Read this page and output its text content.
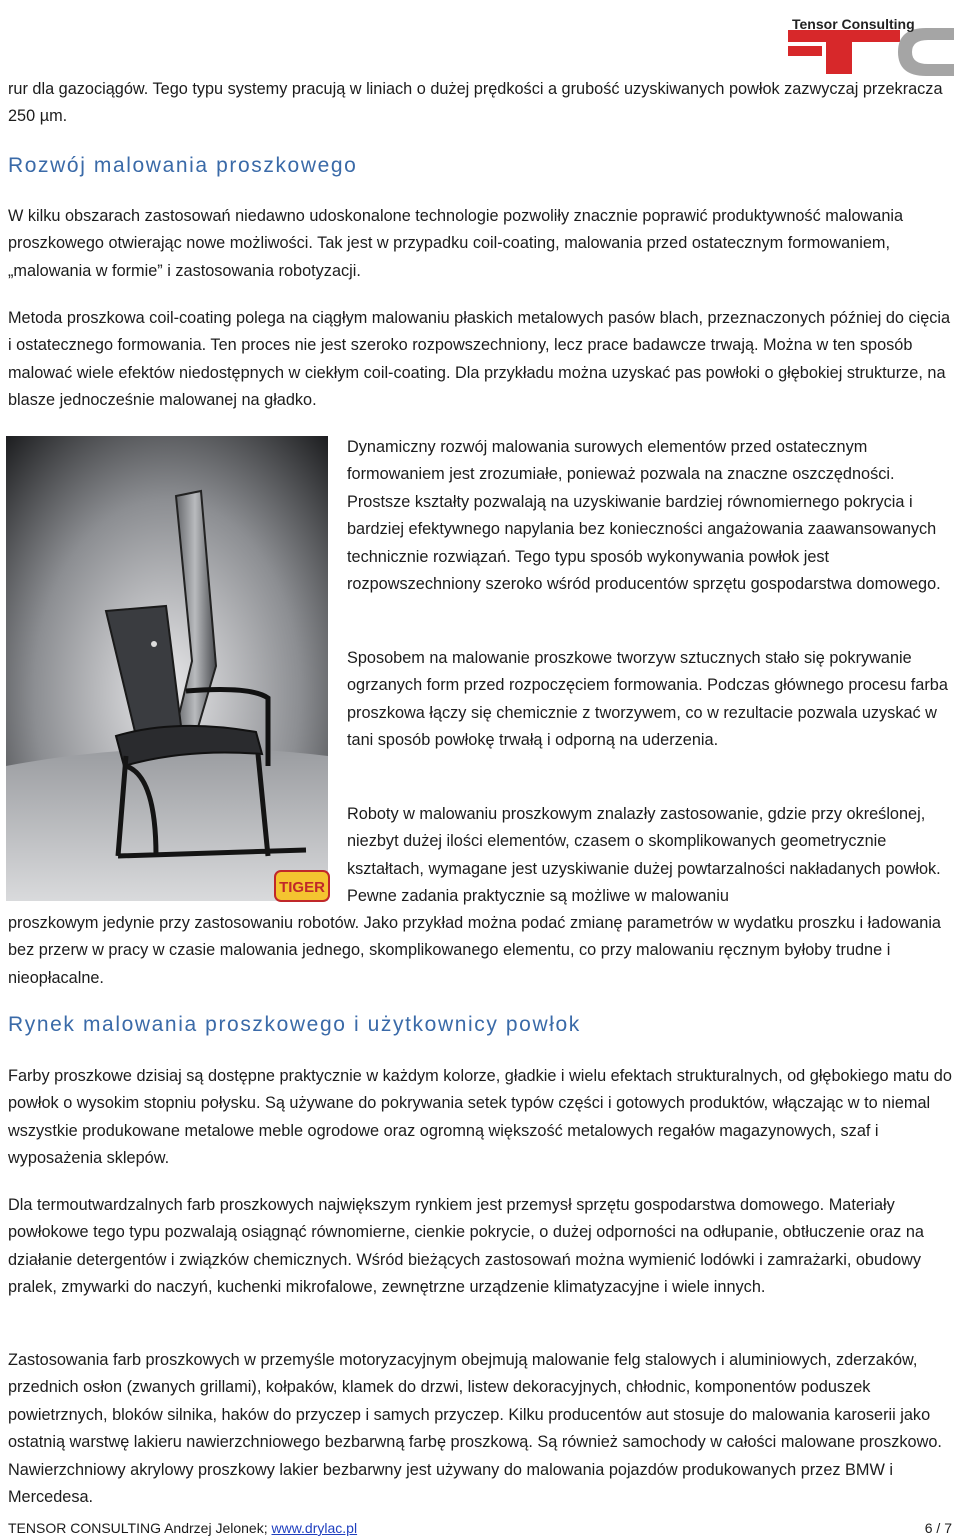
Tensor Consulting

rur dla gazociągów. Tego typu systemy pracują w liniach o dużej prędkości a grubość uzyskiwanych powłok zazwyczaj przekracza 250 µm.

Rozwój malowania proszkowego

W kilku obszarach zastosowań niedawno udoskonalone technologie pozwoliły znacznie poprawić produktywność malowania proszkowego otwierając nowe możliwości. Tak jest w przypadku coil-coating, malowania przed ostatecznym formowaniem, „malowania w formie” i zastosowania robotyzacji.

Metoda proszkowa coil-coating polega na ciągłym malowaniu płaskich metalowych pasów blach, przeznaczonych później do cięcia i ostatecznego formowania. Ten proces nie jest szeroko rozpowszechniony, lecz prace badawcze trwają. Można w ten sposób malować wiele efektów niedostępnych w ciekłym coil-coating. Dla przykładu można uzyskać pas powłoki o głębokiej strukturze, na blasze jednocześnie malowanej na gładko.

TIGER

Dynamiczny rozwój malowania surowych elementów przed ostatecznym formowaniem jest zrozumiałe, ponieważ pozwala na znaczne oszczędności. Prostsze kształty pozwalają na uzyskiwanie bardziej równomiernego pokrycia i bardziej efektywnego napylania bez konieczności angażowania zaawansowanych technicznie rozwiązań. Tego typu sposób wykonywania powłok jest rozpowszechniony szeroko wśród producentów sprzętu gospodarstwa domowego.

Sposobem na malowanie proszkowe tworzyw sztucznych stało się pokrywanie ogrzanych form przed rozpoczęciem formowania. Podczas głównego procesu farba proszkowa łączy się chemicznie z tworzywem, co w rezultacie pozwala uzyskać w tani sposób powłokę trwałą i odporną na uderzenia.

Roboty w malowaniu proszkowym znalazły zastosowanie, gdzie przy określonej, niezbyt dużej ilości elementów, czasem o skomplikowanych geometrycznie kształtach, wymagane jest uzyskiwanie dużej powtarzalności nakładanych powłok. Pewne zadania praktycznie są możliwe w malowaniu

proszkowym jedynie przy zastosowaniu robotów. Jako przykład można podać zmianę parametrów w wydatku proszku i ładowania bez przerw w pracy w czasie malowania jednego, skomplikowanego elementu, co przy malowaniu ręcznym byłoby trudne i nieopłacalne.

Rynek malowania proszkowego i użytkownicy powłok

Farby proszkowe dzisiaj są dostępne praktycznie w każdym kolorze, gładkie i wielu efektach strukturalnych, od głębokiego matu do powłok o wysokim stopniu połysku. Są używane do pokrywania setek typów części i gotowych produktów, włączając w to niemal wszystkie produkowane metalowe meble ogrodowe oraz ogromną większość metalowych regałów magazynowych, szaf i wyposażenia sklepów.

Dla termoutwardzalnych farb proszkowych największym rynkiem jest przemysł sprzętu gospodarstwa domowego. Materiały powłokowe tego typu pozwalają osiągnąć równomierne, cienkie pokrycie, o dużej odporności na odłupanie, obtłuczenie oraz na działanie detergentów i związków chemicznych. Wśród bieżących zastosowań można wymienić lodówki i zamrażarki, obudowy pralek, zmywarki do naczyń, kuchenki mikrofalowe, zewnętrzne urządzenie klimatyzacyjne i wiele innych.

Zastosowania farb proszkowych w przemyśle motoryzacyjnym obejmują malowanie felg stalowych i aluminiowych, zderzaków, przednich osłon (zwanych grillami), kołpaków, klamek do drzwi, listew dekoracyjnych, chłodnic, komponentów poduszek powietrznych, bloków silnika, haków do przyczep i samych przyczep. Kilku producentów aut stosuje do malowania karoserii jako ostatnią warstwę lakieru nawierzchniowego bezbarwną farbę proszkową. Są również samochody w całości malowane proszkowo. Nawierzchniowy akrylowy proszkowy lakier bezbarwny jest używany do malowania pojazdów produkowanych przez BMW i Mercedesa.

TENSOR CONSULTING Andrzej Jelonek; www.drylac.pl	6 / 7
